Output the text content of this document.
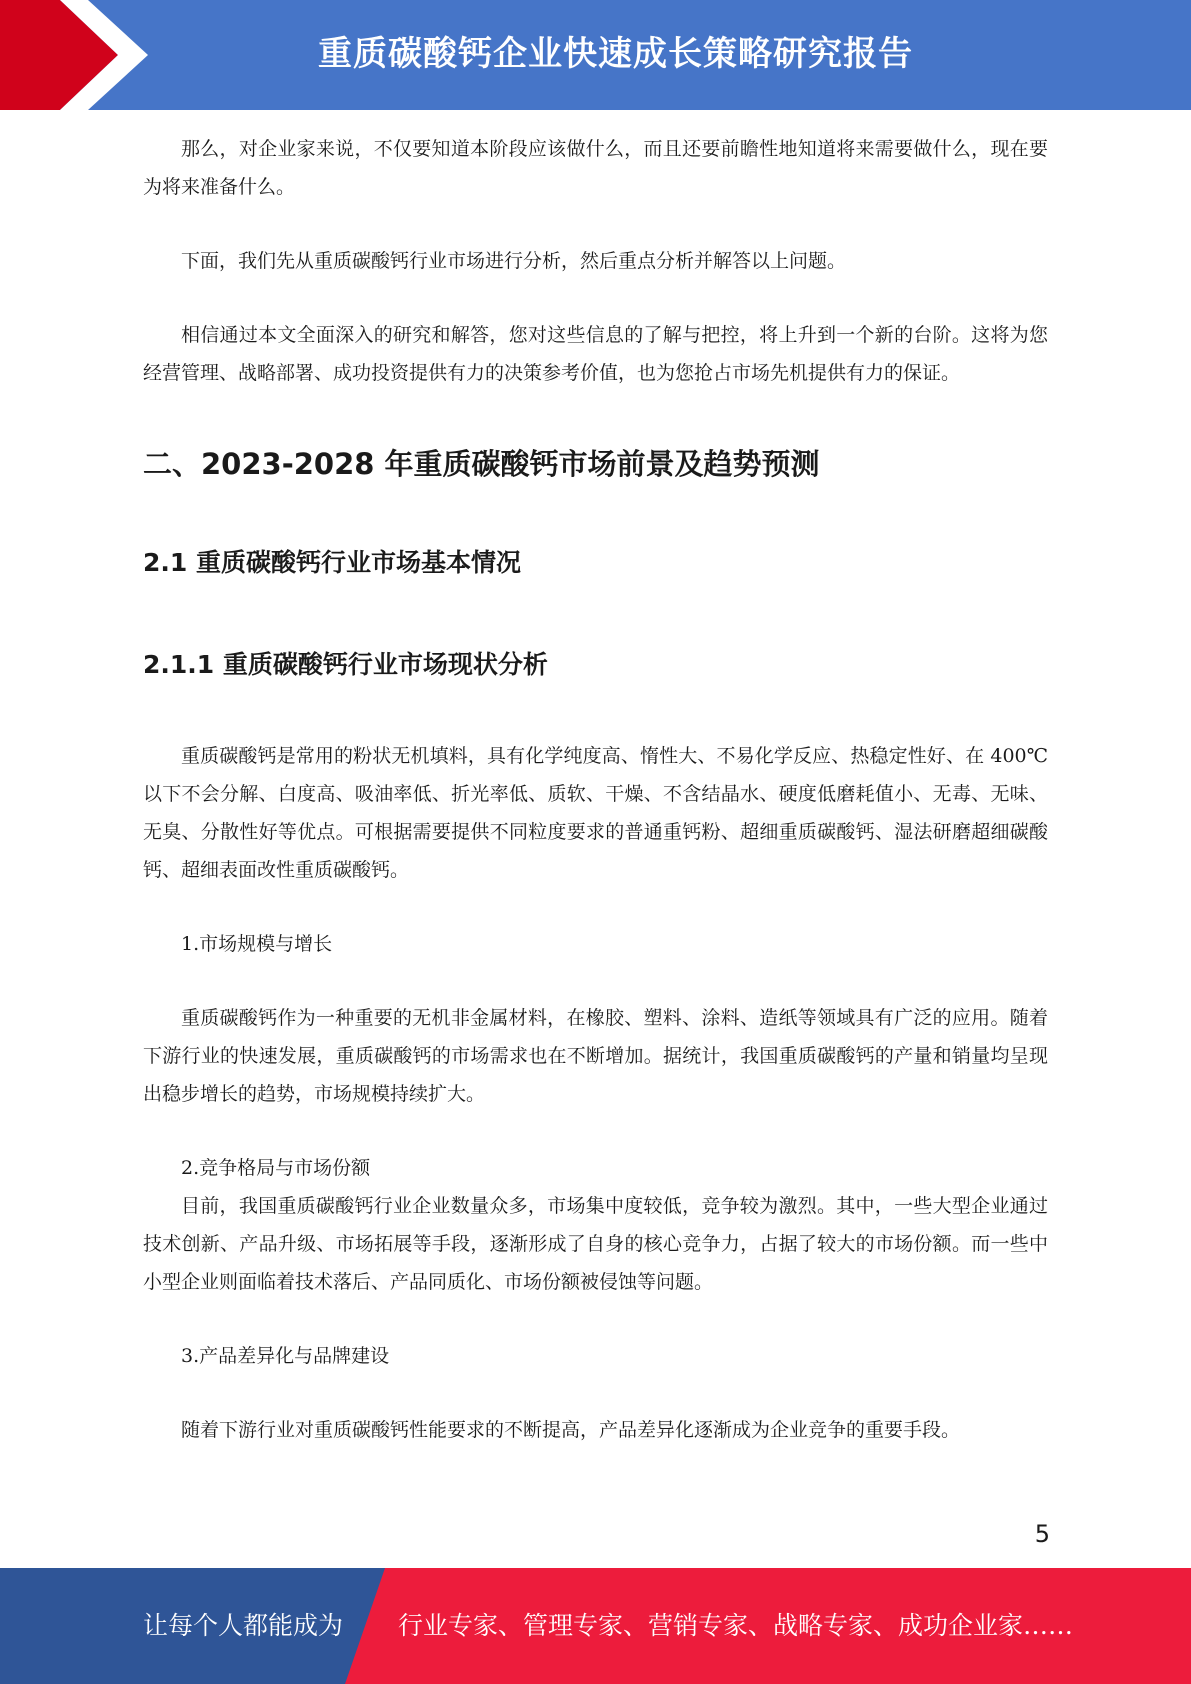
重质碳酸钙企业快速成长策略研究报告

那么，对企业家来说，不仅要知道本阶段应该做什么，而且还要前瞻性地知道将来需要做什么，现在要为将来准备什么。

下面，我们先从重质碳酸钙行业市场进行分析，然后重点分析并解答以上问题。

相信通过本文全面深入的研究和解答，您对这些信息的了解与把控，将上升到一个新的台阶。这将为您经营管理、战略部署、成功投资提供有力的决策参考价值，也为您抢占市场先机提供有力的保证。

二、2023-2028 年重质碳酸钙市场前景及趋势预测
2.1 重质碳酸钙行业市场基本情况
2.1.1 重质碳酸钙行业市场现状分析

重质碳酸钙是常用的粉状无机填料，具有化学纯度高、惰性大、不易化学反应、热稳定性好、在 400℃以下不会分解、白度高、吸油率低、折光率低、质软、干燥、不含结晶水、硬度低磨耗值小、无毒、无味、无臭、分散性好等优点。可根据需要提供不同粒度要求的普通重钙粉、超细重质碳酸钙、湿法研磨超细碳酸钙、超细表面改性重质碳酸钙。

1.市场规模与增长

重质碳酸钙作为一种重要的无机非金属材料，在橡胶、塑料、涂料、造纸等领域具有广泛的应用。随着下游行业的快速发展，重质碳酸钙的市场需求也在不断增加。据统计，我国重质碳酸钙的产量和销量均呈现出稳步增长的趋势，市场规模持续扩大。

2.竞争格局与市场份额

目前，我国重质碳酸钙行业企业数量众多，市场集中度较低，竞争较为激烈。其中，一些大型企业通过技术创新、产品升级、市场拓展等手段，逐渐形成了自身的核心竞争力，占据了较大的市场份额。而一些中小型企业则面临着技术落后、产品同质化、市场份额被侵蚀等问题。

3.产品差异化与品牌建设

随着下游行业对重质碳酸钙性能要求的不断提高，产品差异化逐渐成为企业竞争的重要手段。

5
让每个人都能成为 行业专家、管理专家、营销专家、战略专家、成功企业家……
